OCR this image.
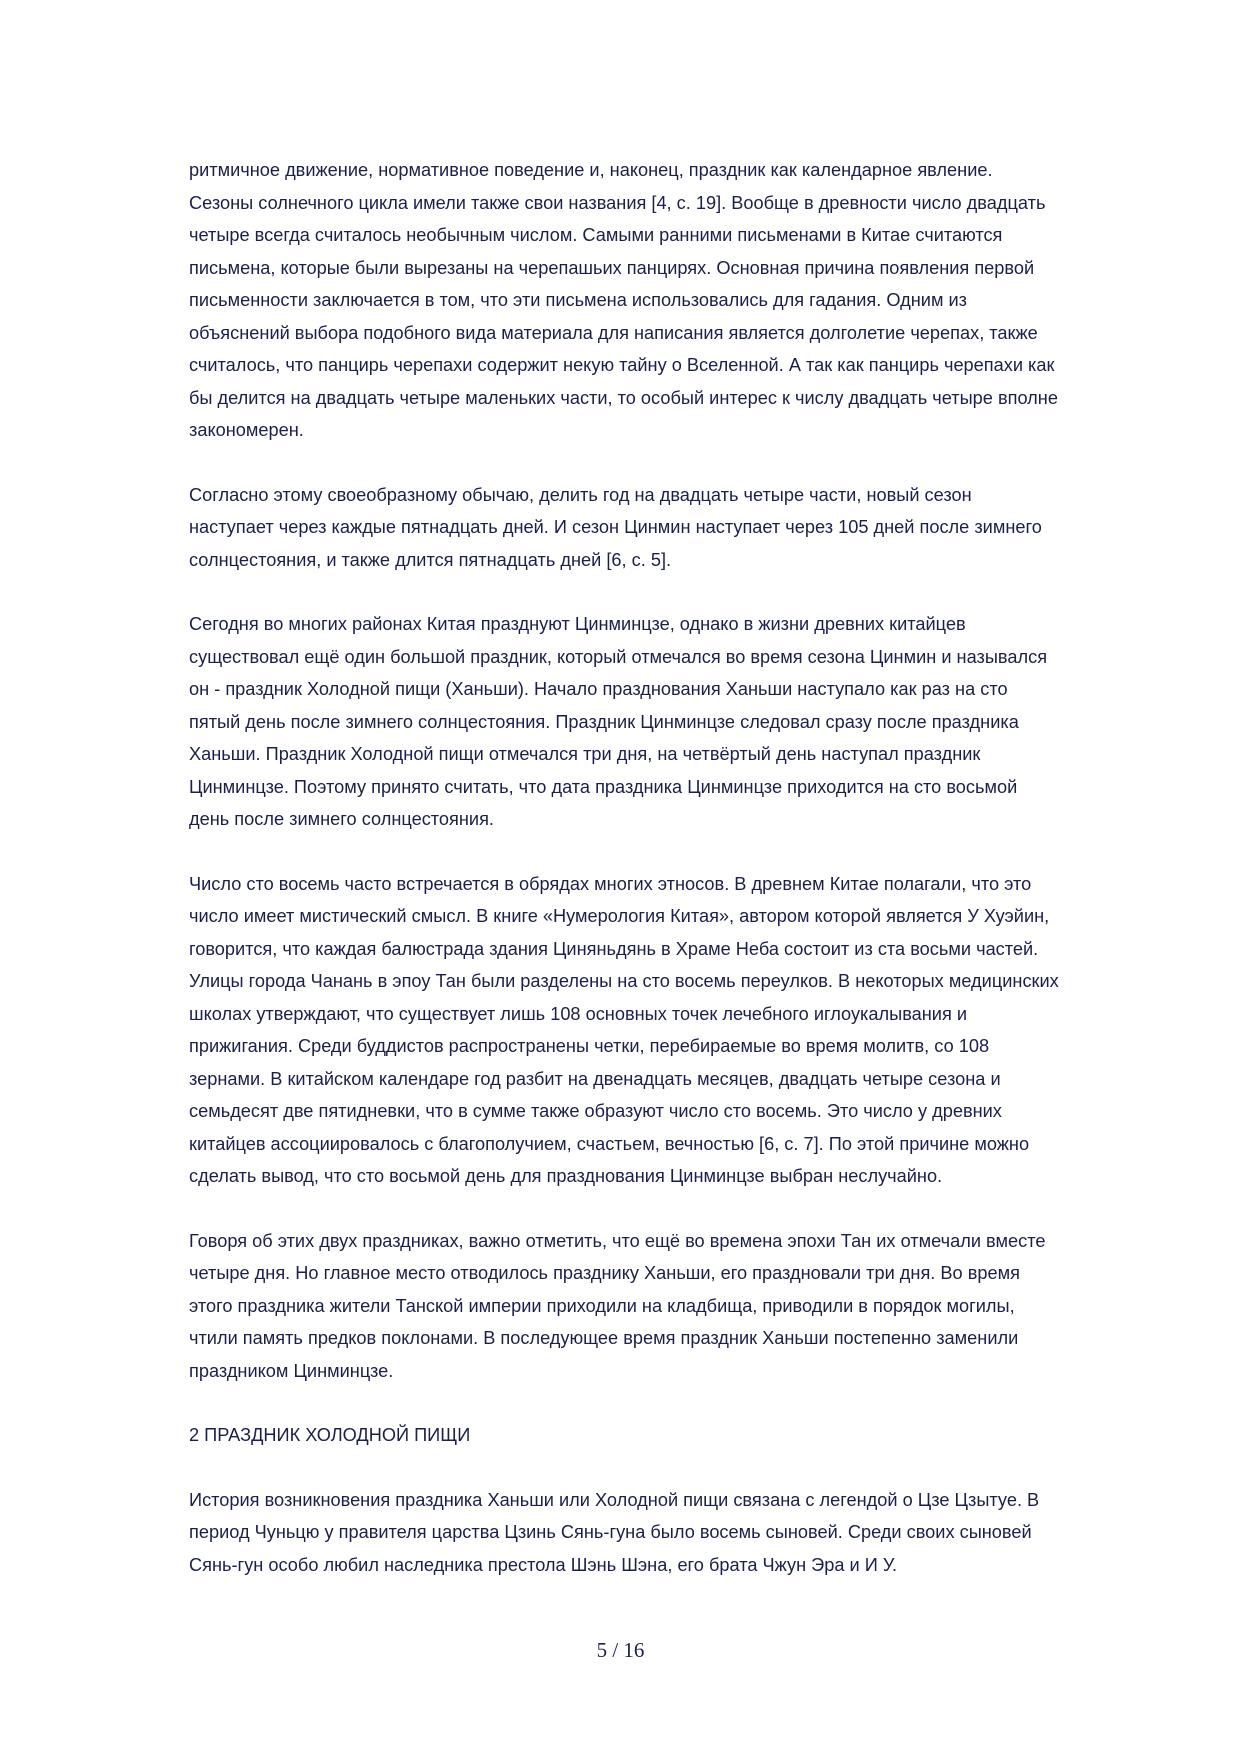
ритмичное движение, нормативное поведение и, наконец, праздник как календарное явление. Сезоны солнечного цикла имели также свои названия [4, с. 19]. Вообще в древности число двадцать четыре всегда считалось необычным числом. Самыми ранними письменами в Китае считаются письмена, которые были вырезаны на черепашьих панцирях. Основная причина появления первой письменности заключается в том, что эти письмена использовались для гадания. Одним из объяснений выбора подобного вида материала для написания является долголетие черепах, также считалось, что панцирь черепахи содержит некую тайну о Вселенной. А так как панцирь черепахи как бы делится на двадцать четыре маленьких части, то особый интерес к числу двадцать четыре вполне закономерен.

Согласно этому своеобразному обычаю, делить год на двадцать четыре части, новый сезон наступает через каждые пятнадцать дней. И сезон Цинмин наступает через 105 дней после зимнего солнцестояния, и также длится пятнадцать дней [6, с. 5].

Сегодня во многих районах Китая празднуют Цинминцзе, однако в жизни древних китайцев существовал ещё один большой праздник, который отмечался во время сезона Цинмин и назывался он - праздник Холодной пищи (Ханьши). Начало празднования Ханьши наступало как раз на сто пятый день после зимнего солнцестояния. Праздник Цинминцзе следовал сразу после праздника Ханьши. Праздник Холодной пищи отмечался три дня, на четвёртый день наступал праздник Цинминцзе. Поэтому принято считать, что дата праздника Цинминцзе приходится на сто восьмой день после зимнего солнцестояния.

Число сто восемь часто встречается в обрядах многих этносов. В древнем Китае полагали, что это число имеет мистический смысл. В книге «Нумерология Китая», автором которой является У Хуэйин, говорится, что каждая балюстрада здания Циняньдянь в Храме Неба состоит из ста восьми частей. Улицы города Чанань в эпоу Тан были разделены на сто восемь переулков. В некоторых медицинских школах утверждают, что существует лишь 108 основных точек лечебного иглоукалывания и прижигания. Среди буддистов распространены четки, перебираемые во время молитв, со 108 зернами. В китайском календаре год разбит на двенадцать месяцев, двадцать четыре сезона и семьдесят две пятидневки, что в сумме также образуют число сто восемь. Это число у древних китайцев ассоциировалось с благополучием, счастьем, вечностью [6, с. 7]. По этой причине можно сделать вывод, что сто восьмой день для празднования Цинминцзе выбран неслучайно.

Говоря об этих двух праздниках, важно отметить, что ещё во времена эпохи Тан их отмечали вместе четыре дня. Но главное место отводилось празднику Ханьши, его праздновали три дня. Во время этого праздника жители Танской империи приходили на кладбища, приводили в порядок могилы, чтили память предков поклонами. В последующее время праздник Ханьши постепенно заменили праздником Цинминцзе.

2 ПРАЗДНИК ХОЛОДНОЙ ПИЩИ

История возникновения праздника Ханьши или Холодной пищи связана с легендой о Цзе Цзытуе. В период Чуньцю у правителя царства Цзинь Сянь-гуна было восемь сыновей. Среди своих сыновей Сянь-гун особо любил наследника престола Шэнь Шэна, его брата Чжун Эра и И У.

5 / 16
